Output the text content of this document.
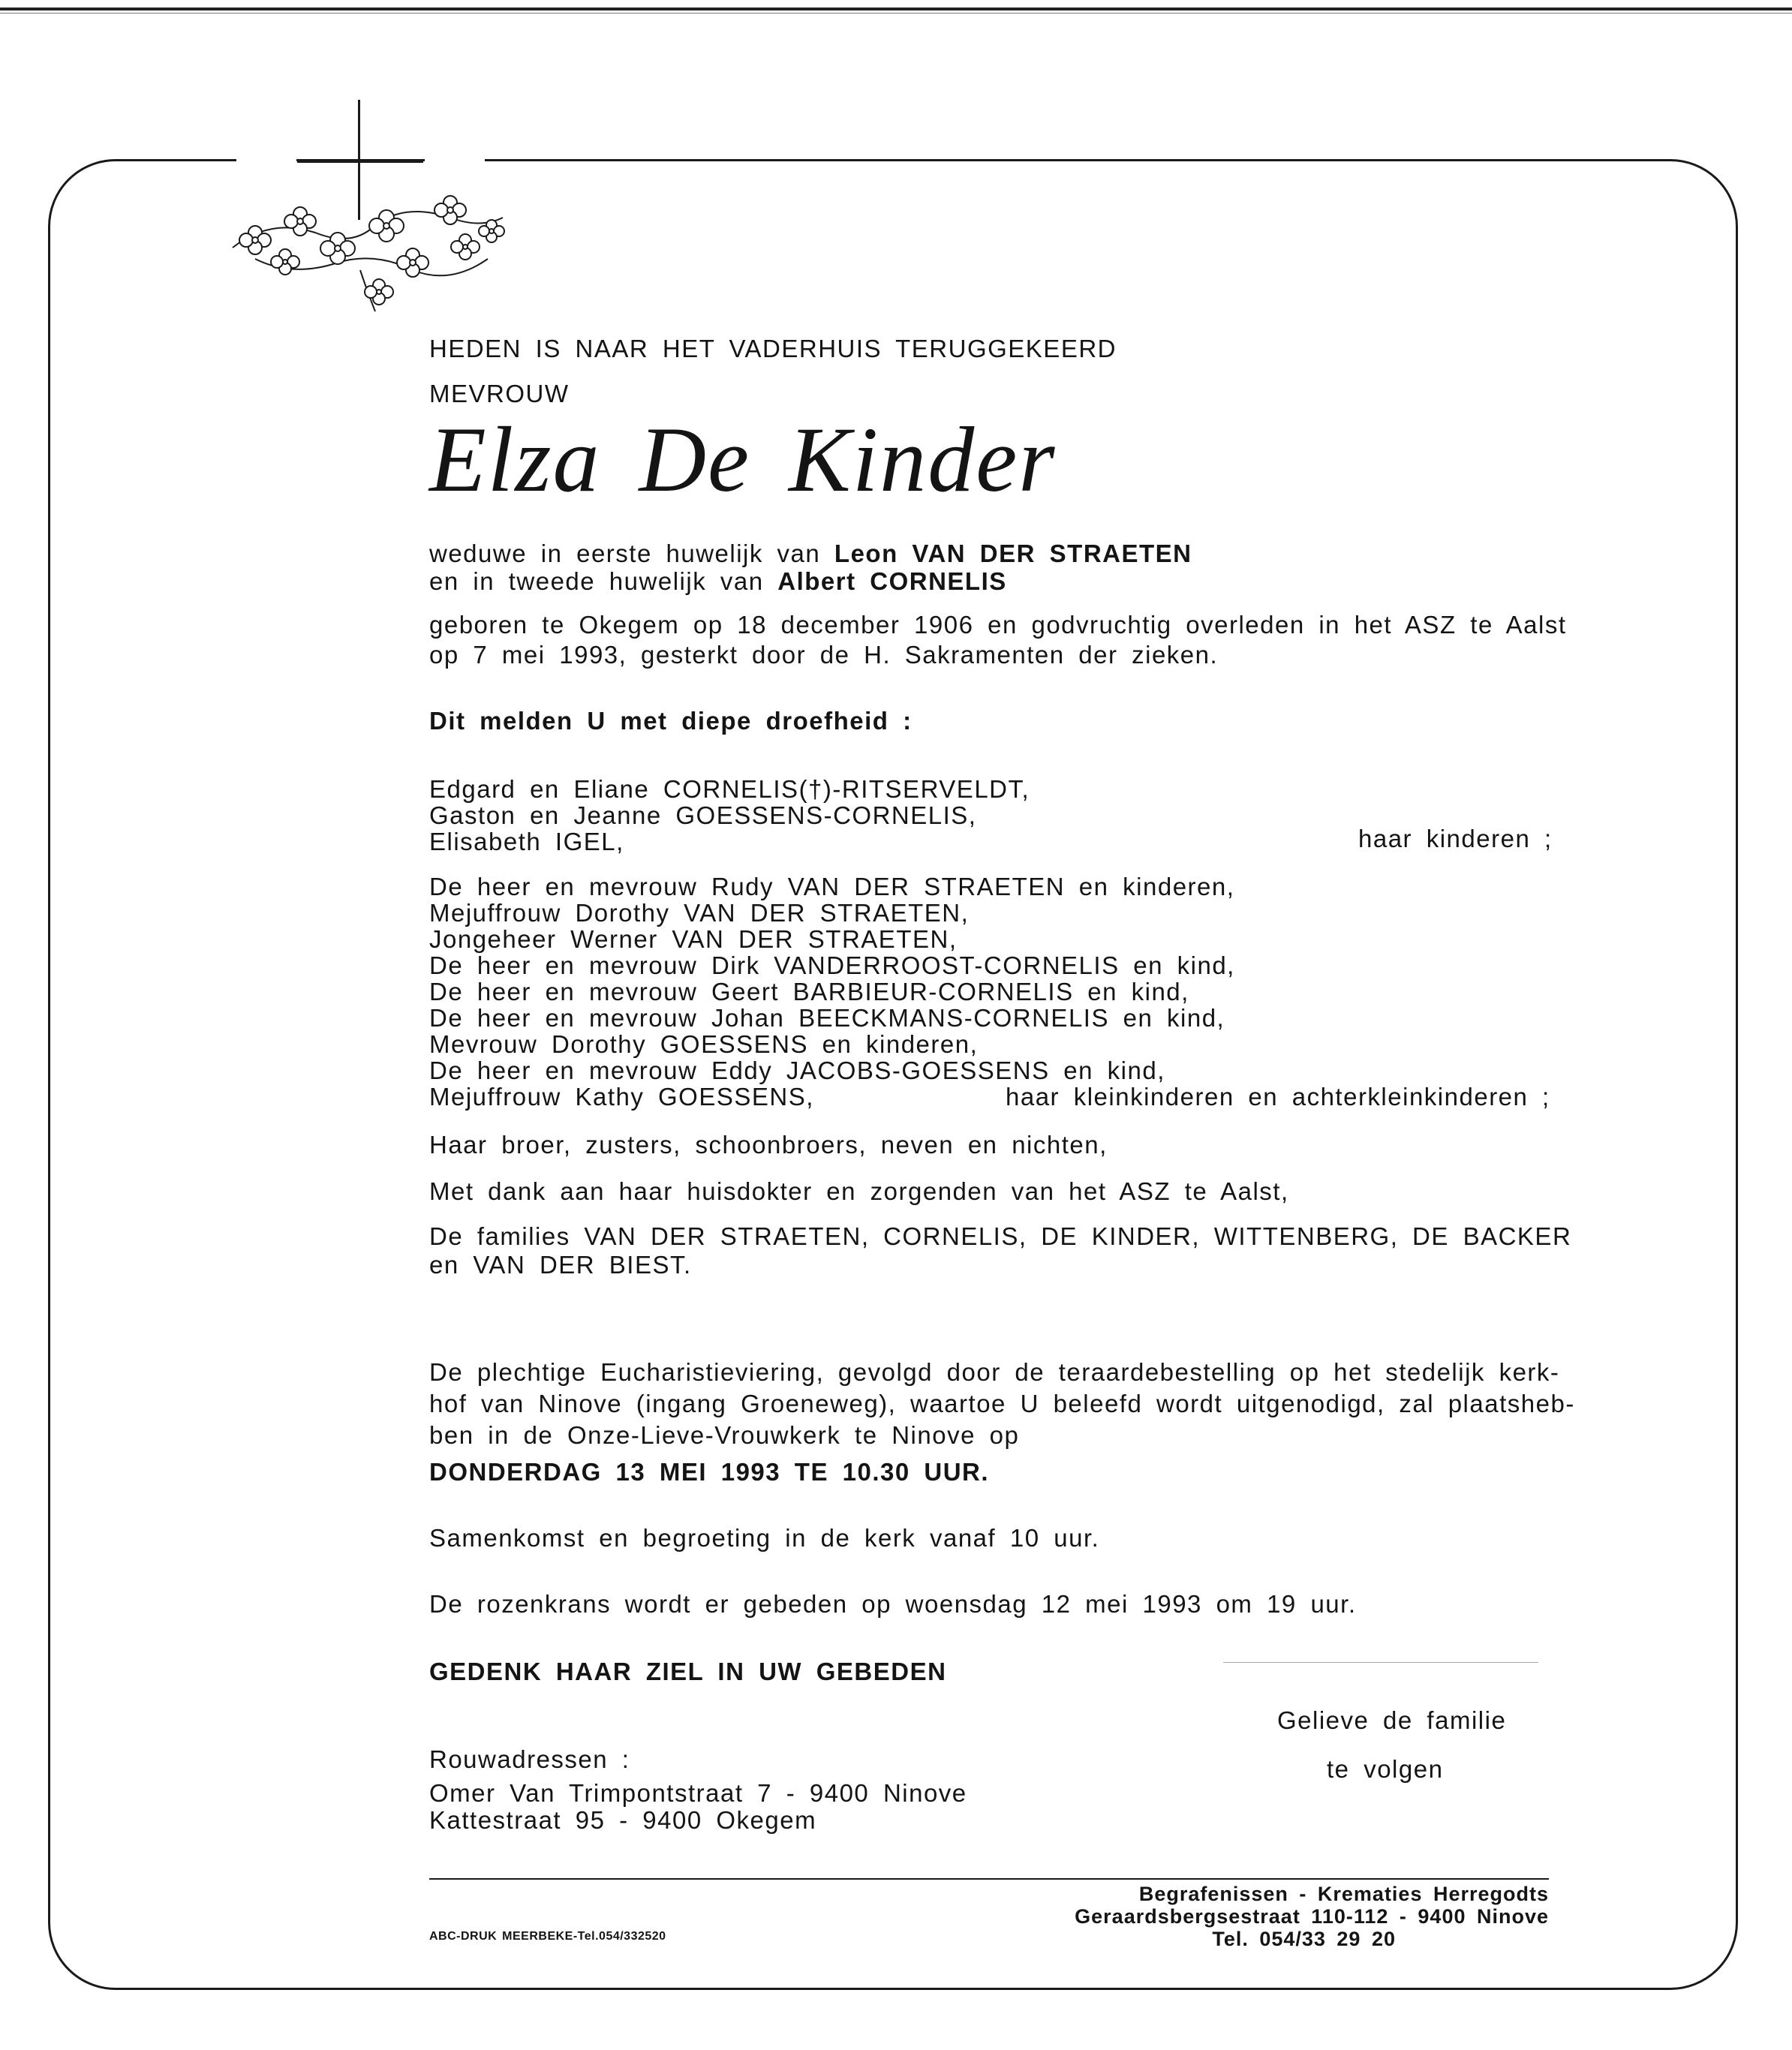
HEDEN IS NAAR HET VADERHUIS TERUGGEKEERD
MEVROUW
Elza De Kinder
weduwe in eerste huwelijk van Leon VAN DER STRAETEN
en in tweede huwelijk van Albert CORNELIS
geboren te Okegem op 18 december 1906 en godvruchtig overleden in het ASZ te Aalst
op 7 mei 1993, gesterkt door de H. Sakramenten der zieken.
Dit melden U met diepe droefheid :
Edgard en Eliane CORNELIS(†)-RITSERVELDT,
Gaston en Jeanne GOESSENS-CORNELIS,
Elisabeth IGEL,	haar kinderen ;
De heer en mevrouw Rudy VAN DER STRAETEN en kinderen,
Mejuffrouw Dorothy VAN DER STRAETEN,
Jongeheer Werner VAN DER STRAETEN,
De heer en mevrouw Dirk VANDERROOST-CORNELIS en kind,
De heer en mevrouw Geert BARBIEUR-CORNELIS en kind,
De heer en mevrouw Johan BEECKMANS-CORNELIS en kind,
Mevrouw Dorothy GOESSENS en kinderen,
De heer en mevrouw Eddy JACOBS-GOESSENS en kind,
Mejuffrouw Kathy GOESSENS,	haar kleinkinderen en achterkleinkinderen ;
Haar broer, zusters, schoonbroers, neven en nichten,
Met dank aan haar huisdokter en zorgenden van het ASZ te Aalst,
De families VAN DER STRAETEN, CORNELIS, DE KINDER, WITTENBERG, DE BACKER
en VAN DER BIEST.
De plechtige Eucharistieviering, gevolgd door de teraardebestelling op het stedelijk kerk-
hof van Ninove (ingang Groeneweg), waartoe U beleefd wordt uitgenodigd, zal plaatsheb-
ben in de Onze-Lieve-Vrouwkerk te Ninove op
DONDERDAG 13 MEI 1993 TE 10.30 UUR.
Samenkomst en begroeting in de kerk vanaf 10 uur.
De rozenkrans wordt er gebeden op woensdag 12 mei 1993 om 19 uur.
GEDENK HAAR ZIEL IN UW GEBEDEN
Gelieve de familie
te volgen
Rouwadressen :
Omer Van Trimpontstraat 7 - 9400 Ninove
Kattestraat 95 - 9400 Okegem
ABC-DRUK MEERBEKE-Tel.054/332520
Begrafenissen - Krematies Herregodts
Geraardsbergsestraat 110-112 - 9400 Ninove
Tel. 054/33 29 20
